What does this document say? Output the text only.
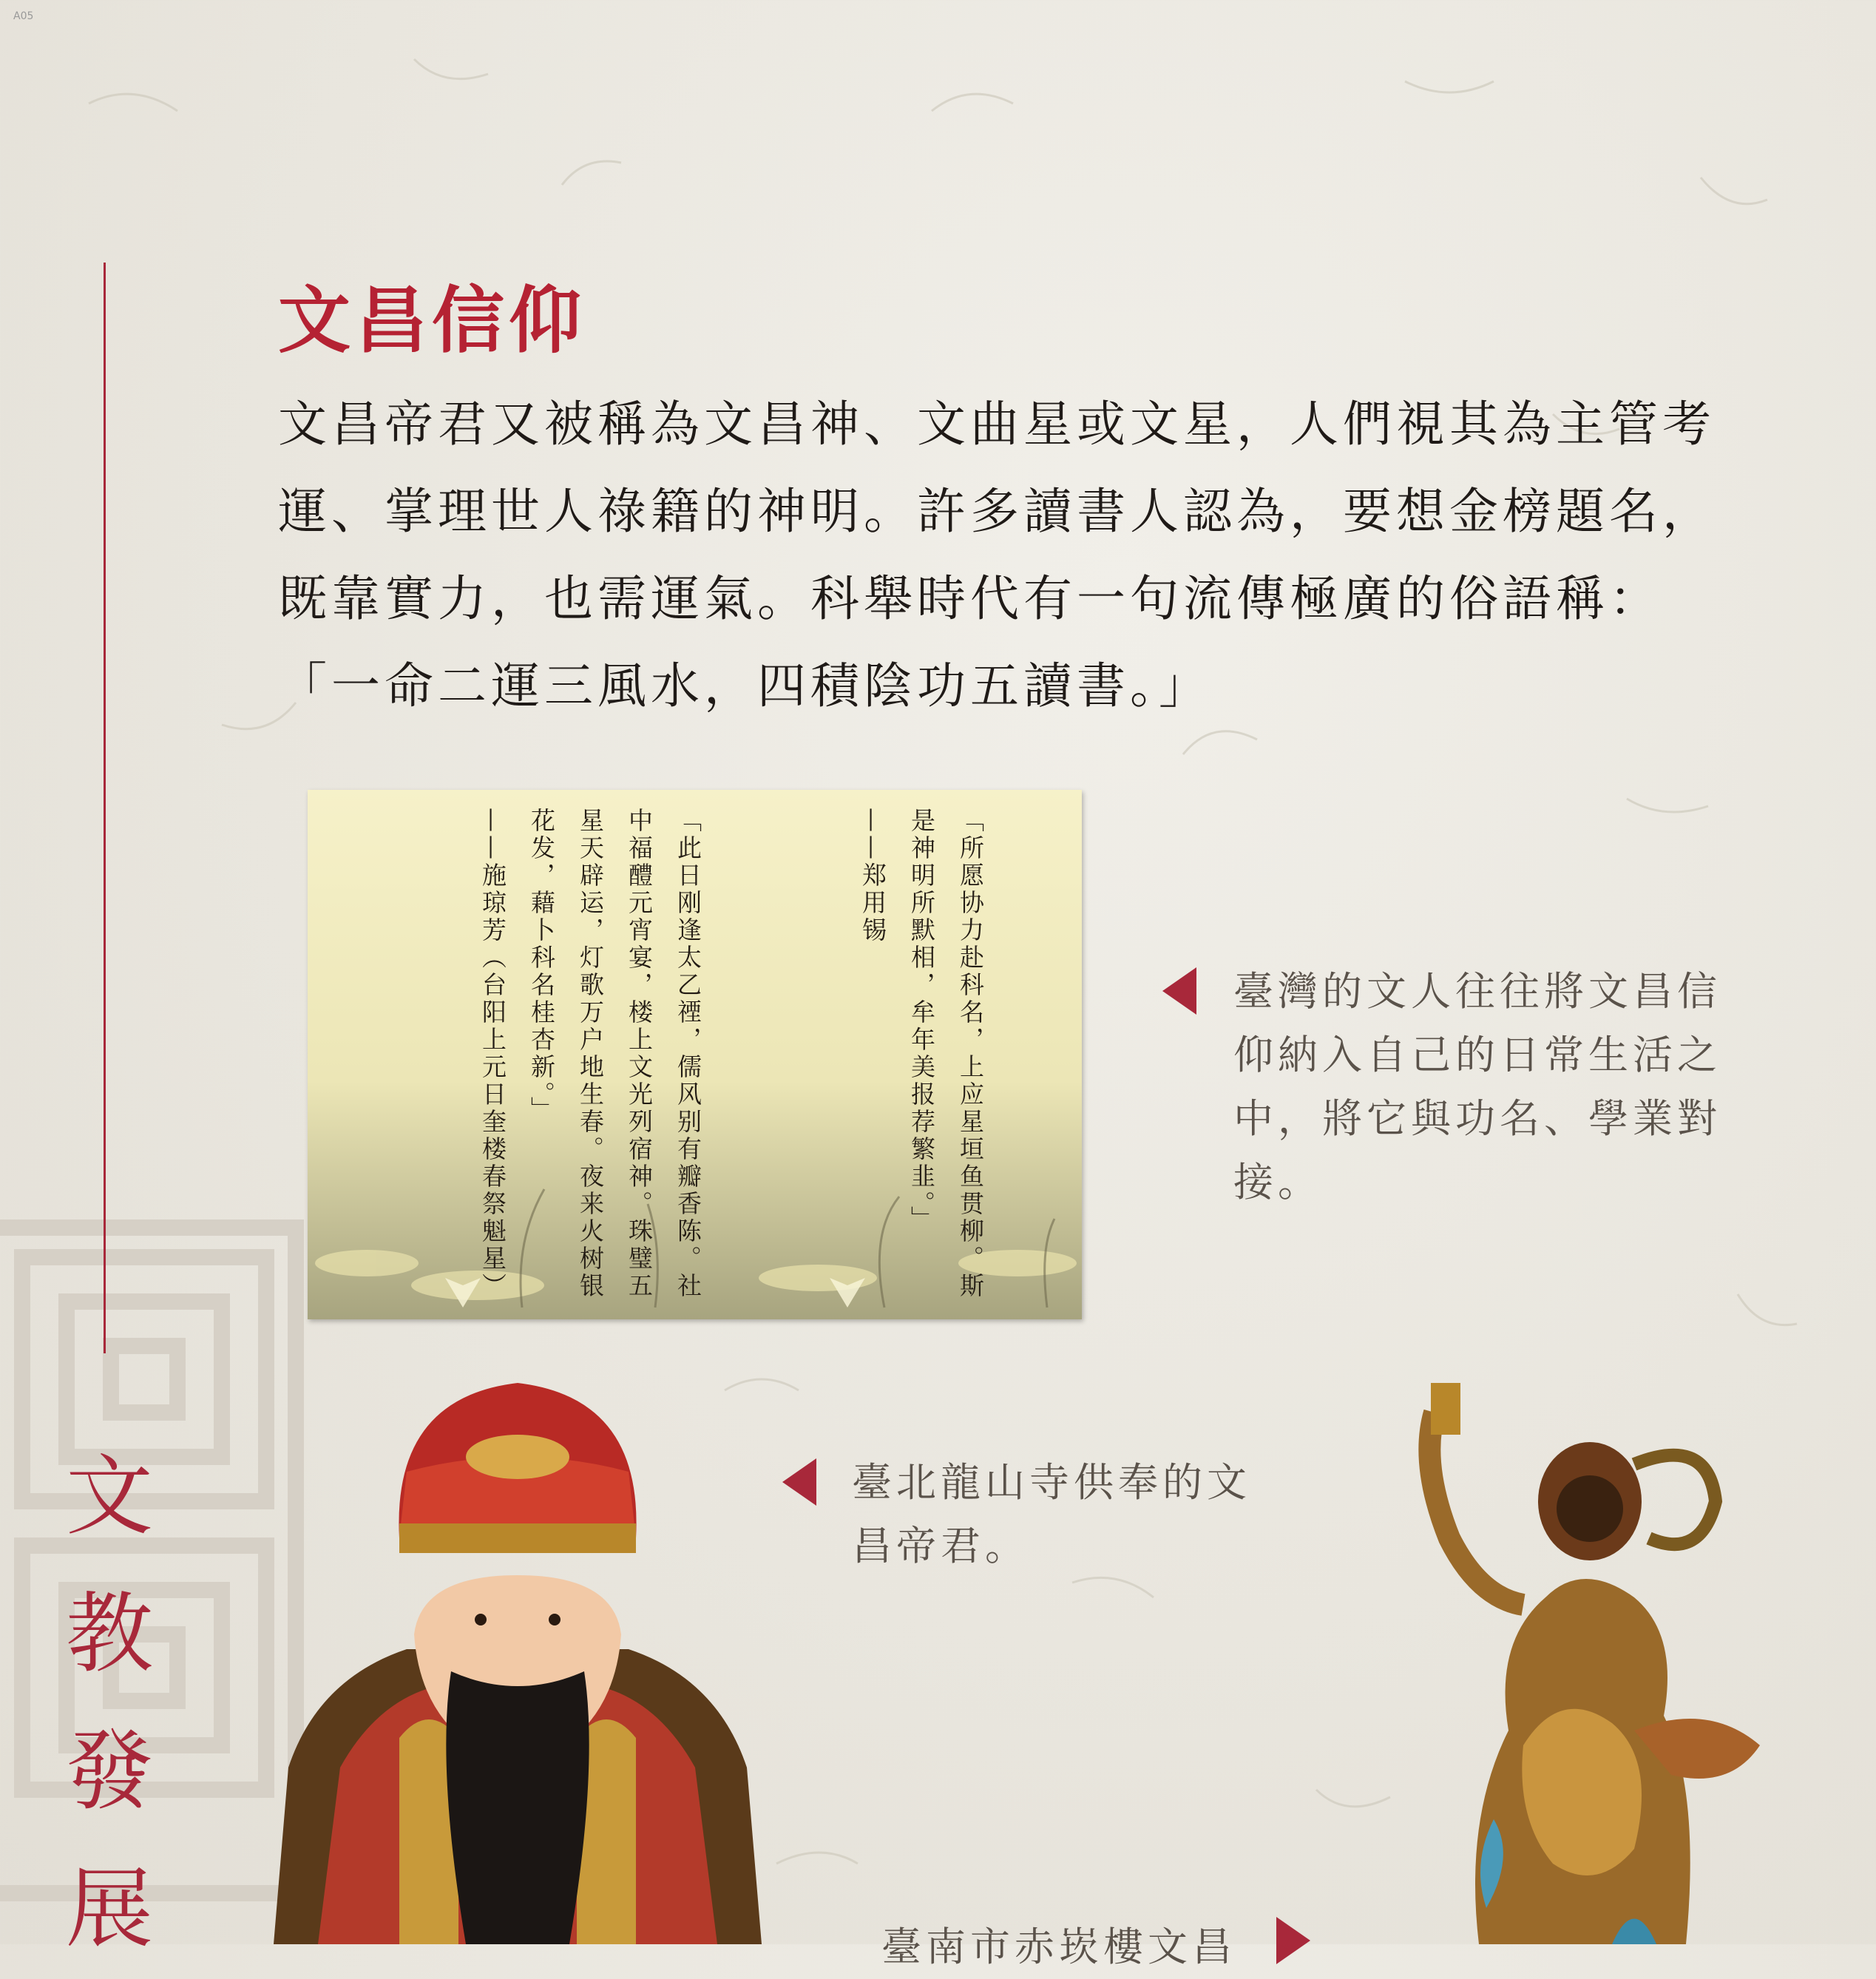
A05
文
教
發
展
文昌信仰

文昌帝君又被稱為文昌神、文曲星或文星，人們視其為主管考運、掌理世人祿籍的神明。許多讀書人認為，要想金榜題名，既靠實力，也需運氣。科舉時代有一句流傳極廣的俗語稱：「一命二運三風水，四積陰功五讀書。」

「所愿协力赴科名，上应星垣鱼贯柳。斯是神明所默相，牟年美报荐繁韭。」
——郑用锡
「此日刚逢太乙禋，儒风别有瓣香陈。社中福醴元宵宴，楼上文光列宿神。珠璧五星天辟运，灯歌万户地生春。夜来火树银花发，藉卜科名桂杏新。」
——施琼芳（台阳上元日奎楼春祭魁星）	臺灣的文人往往將文昌信仰納入自己的日常生活之中，將它與功名、學業對接。
臺北龍山寺供奉的文昌帝君。
臺南市赤崁樓文昌
